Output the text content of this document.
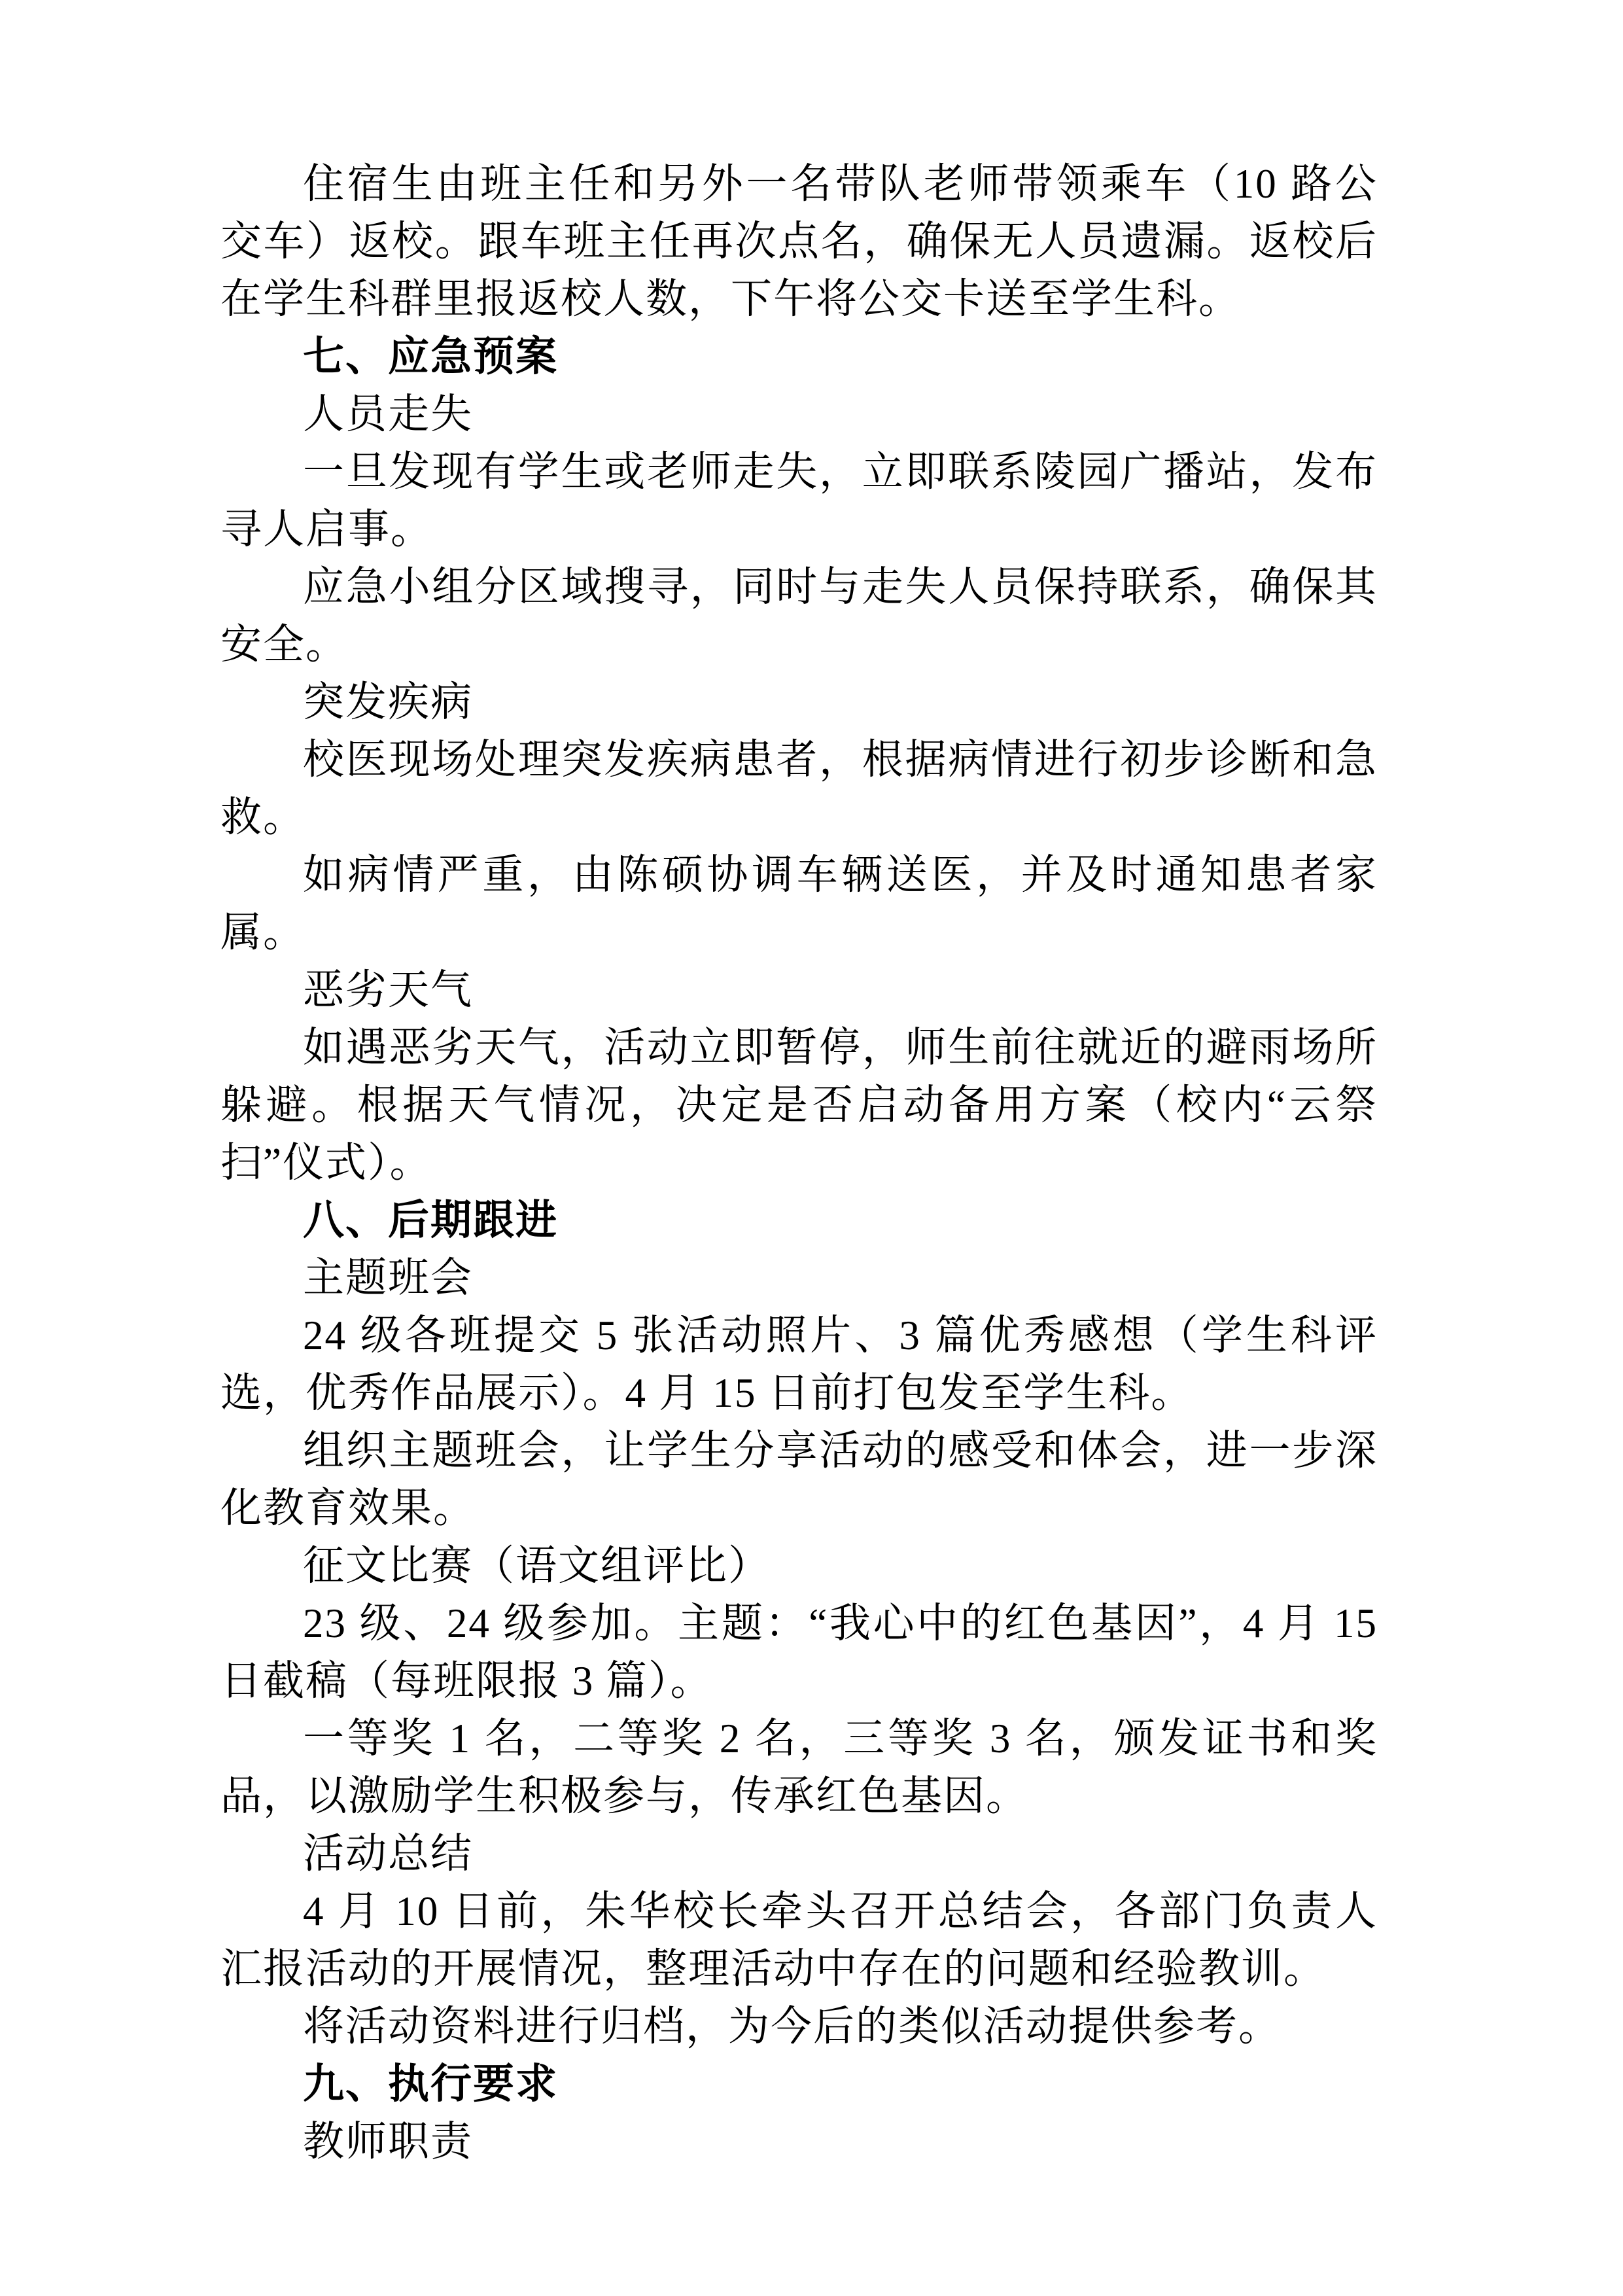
住宿生由班主任和另外一名带队老师带领乘车（10 路公交车）返校。跟车班主任再次点名，确保无人员遗漏。返校后在学生科群里报返校人数，下午将公交卡送至学生科。

七、应急预案

人员走失

一旦发现有学生或老师走失，立即联系陵园广播站，发布寻人启事。

应急小组分区域搜寻，同时与走失人员保持联系，确保其安全。

突发疾病

校医现场处理突发疾病患者，根据病情进行初步诊断和急救。

如病情严重，由陈硕协调车辆送医，并及时通知患者家属。

恶劣天气

如遇恶劣天气，活动立即暂停，师生前往就近的避雨场所躲避。根据天气情况，决定是否启动备用方案（校内“云祭扫”仪式）。

八、后期跟进

主题班会

24 级各班提交 5 张活动照片、3 篇优秀感想（学生科评选，优秀作品展示）。4 月 15 日前打包发至学生科。

组织主题班会，让学生分享活动的感受和体会，进一步深化教育效果。

征文比赛（语文组评比）

23 级、24 级参加。主题：“我心中的红色基因”，4 月 15 日截稿（每班限报 3 篇）。

一等奖 1 名，二等奖 2 名，三等奖 3 名，颁发证书和奖品，以激励学生积极参与，传承红色基因。

活动总结

4 月 10 日前，朱华校长牵头召开总结会，各部门负责人汇报活动的开展情况，整理活动中存在的问题和经验教训。

将活动资料进行归档，为今后的类似活动提供参考。

九、执行要求

教师职责
